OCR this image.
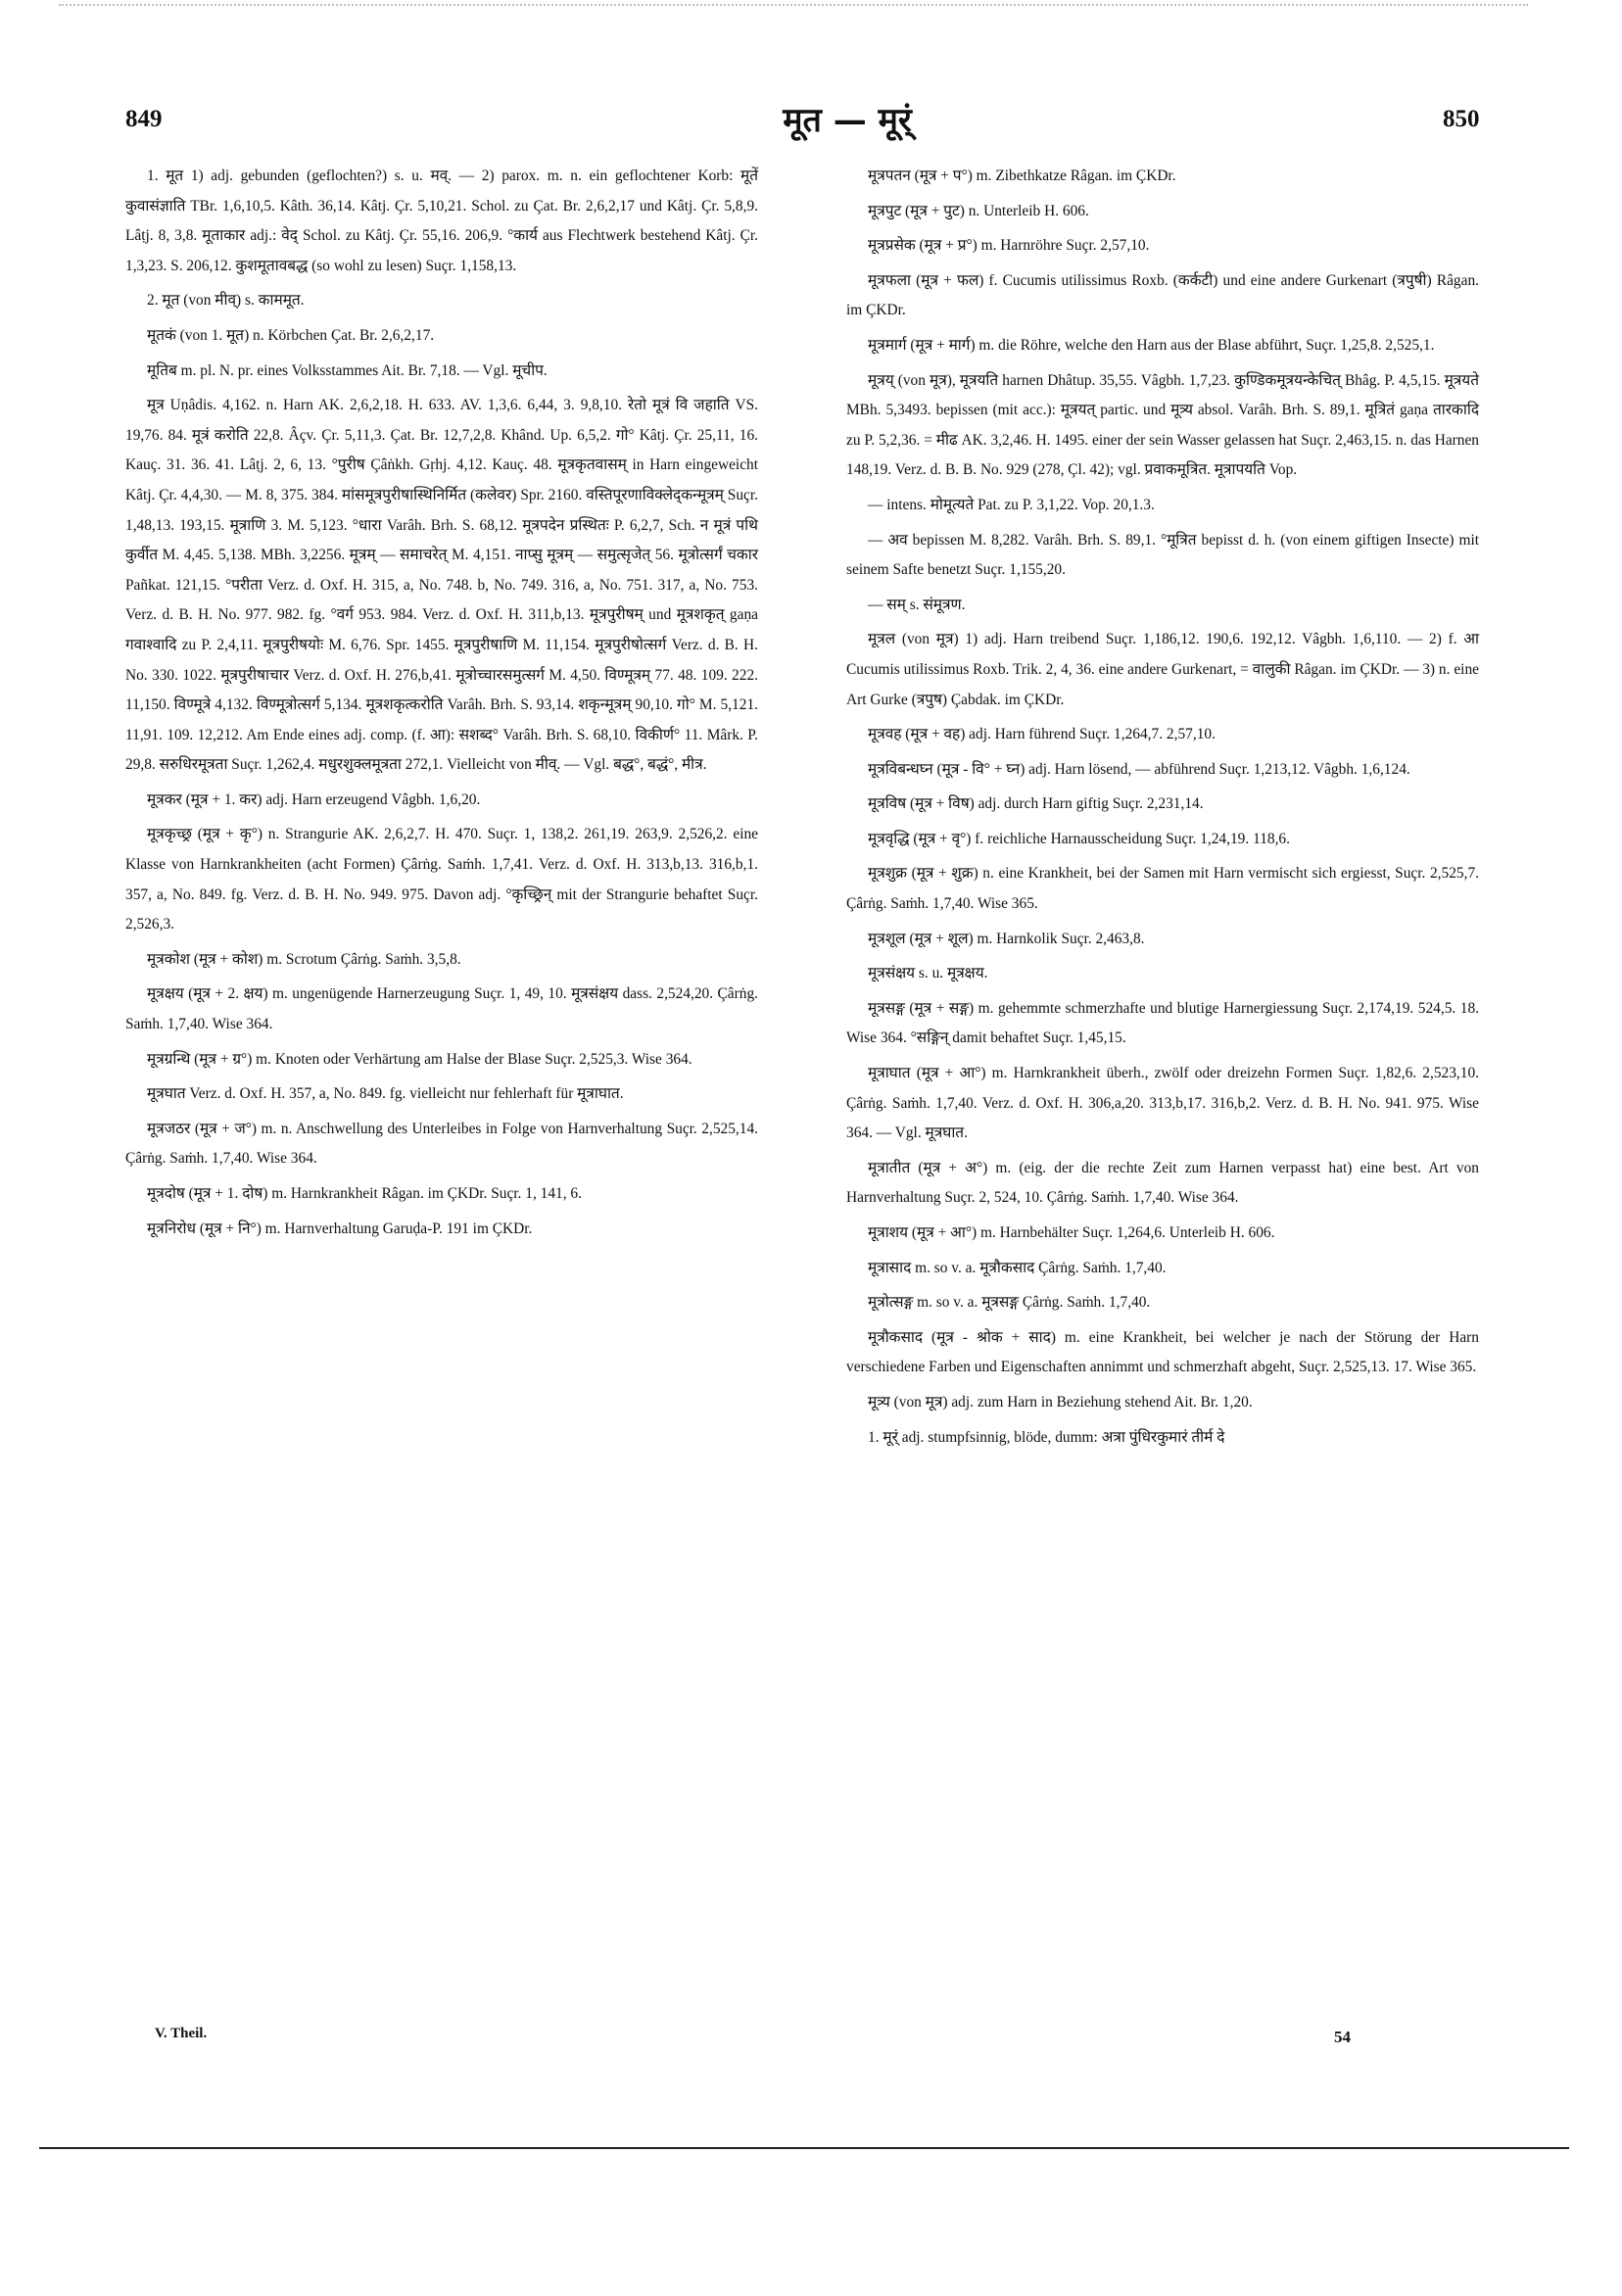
849	मूत — मूर्ं	850

1. मूत 1) adj. gebunden (geflochten?) s. u. मव्. — 2) parox. m. n. ein geflochtener Korb: मूतें कुवासंज्ञाति TBr. 1,6,10,5. Kâth. 36,14. Kâtj. Çr. 5,10,21. Schol. zu Çat. Br. 2,6,2,17 und Kâtj. Çr. 5,8,9. Lâṭj. 8, 3,8. मूताकार adj.: वेद् Schol. zu Kâtj. Çr. 55,16. 206,9. °कार्य aus Flechtwerk bestehend Kâtj. Çr. 1,3,23. S. 206,12. कुशमूतावबद्ध (so wohl zu lesen) Suçr. 1,158,13.

2. मूत (von मीव्) s. काममूत.

मूतकं (von 1. मूत) n. Körbchen Çat. Br. 2,6,2,17.

मूतिब m. pl. N. pr. eines Volksstammes Ait. Br. 7,18. — Vgl. मूचीप.

मूत्र Uṇâdis. 4,162. n. Harn AK. 2,6,2,18. H. 633. AV. 1,3,6. 6,44, 3. 9,8,10. रेतो मूत्रं वि जहाति VS. 19,76. 84. मूत्रं करोति 22,8. Âçv. Çr. 5,11,3. Çat. Br. 12,7,2,8. Khând. Up. 6,5,2. गो° Kâtj. Çr. 25,11, 16. Kauç. 31. 36. 41. Lâṭj. 2, 6, 13. °पुरीष Çâṅkh. Gṛhj. 4,12. Kauç. 48. मूत्रकृतवासम् in Harn eingeweicht Kâtj. Çr. 4,4,30. — M. 8, 375. 384. मांसमूत्रपुरीषास्थिनिर्मित (कलेवर) Spr. 2160. वस्तिपूरणाविक्लेद्कन्मूत्रम् Suçr. 1,48,13. 193,15. मूत्राणि 3. M. 5,123. °धारा Varâh. Brh. S. 68,12. मूत्रपदेन प्रस्थितः P. 6,2,7, Sch. न मूत्रं पथि कुर्वीत M. 4,45. 5,138. MBh. 3,2256. मूत्रम् — समाचरेत् M. 4,151. नाप्सु मूत्रम् — समुत्सृजेत् 56. मूत्रोत्सर्गं चकार Pañkat. 121,15. °परीता Verz. d. Oxf. H. 315, a, No. 748. b, No. 749. 316, a, No. 751. 317, a, No. 753. Verz. d. B. H. No. 977. 982. fg. °वर्ग 953. 984. Verz. d. Oxf. H. 311,b,13. मूत्रपुरीषम् und मूत्रशकृत् gaṇa गवाश्वादि zu P. 2,4,11. मूत्रपुरीषयोः M. 6,76. Spr. 1455. मूत्रपुरीषाणि M. 11,154. मूत्रपुरीषोत्सर्ग Verz. d. B. H. No. 330. 1022. मूत्रपुरीषाचार Verz. d. Oxf. H. 276,b,41. मूत्रोच्चारसमुत्सर्ग M. 4,50. विण्मूत्रम् 77. 48. 109. 222. 11,150. विण्मूत्रे 4,132. विण्मूत्रोत्सर्ग 5,134. मूत्रशकृत्करोति Varâh. Brh. S. 93,14. शकृन्मूत्रम् 90,10. गो° M. 5,121. 11,91. 109. 12,212. Am Ende eines adj. comp. (f. आ): सशब्द° Varâh. Brh. S. 68,10. विकीर्ण° 11. Mârk. P. 29,8. सरुधिरमूत्रता Suçr. 1,262,4. मधुरशुक्लमूत्रता 272,1. Vielleicht von मीव्. — Vgl. बद्ध°, बद्धं°, मीत्र.

मूत्रकर (मूत्र + 1. कर) adj. Harn erzeugend Vâgbh. 1,6,20.

मूत्रकृच्छ्र (मूत्र + कृ°) n. Strangurie AK. 2,6,2,7. H. 470. Suçr. 1, 138,2. 261,19. 263,9. 2,526,2. eine Klasse von Harnkrankheiten (acht Formen) Çârṅg. Saṁh. 1,7,41. Verz. d. Oxf. H. 313,b,13. 316,b,1. 357, a, No. 849. fg. Verz. d. B. H. No. 949. 975. Davon adj. °कृच्छ्रिन् mit der Strangurie behaftet Suçr. 2,526,3.

मूत्रकोश (मूत्र + कोश) m. Scrotum Çârṅg. Saṁh. 3,5,8.

मूत्रक्षय (मूत्र + 2. क्षय) m. ungenügende Harnerzeugung Suçr. 1, 49, 10. मूत्रसंक्षय dass. 2,524,20. Çârṅg. Saṁh. 1,7,40. Wise 364.

मूत्रग्रन्थि (मूत्र + ग्र°) m. Knoten oder Verhärtung am Halse der Blase Suçr. 2,525,3. Wise 364.

मूत्रघात Verz. d. Oxf. H. 357, a, No. 849. fg. vielleicht nur fehlerhaft für मूत्राघात.

मूत्रजठर (मूत्र + ज°) m. n. Anschwellung des Unterleibes in Folge von Harnverhaltung Suçr. 2,525,14. Çârṅg. Saṁh. 1,7,40. Wise 364.

मूत्रदोष (मूत्र + 1. दोष) m. Harnkrankheit Râgan. im ÇKDr. Suçr. 1, 141, 6.

मूत्रनिरोध (मूत्र + नि°) m. Harnverhaltung Garuḍa-P. 191 im ÇKDr.

मूत्रपतन (मूत्र + प°) m. Zibethkatze Râgan. im ÇKDr.

मूत्रपुट (मूत्र + पुट) n. Unterleib H. 606.

मूत्रप्रसेक (मूत्र + प्र°) m. Harnröhre Suçr. 2,57,10.

मूत्रफला (मूत्र + फल) f. Cucumis utilissimus Roxb. (कर्कटी) und eine andere Gurkenart (त्रपुषी) Râgan. im ÇKDr.

मूत्रमार्ग (मूत्र + मार्ग) m. die Röhre, welche den Harn aus der Blase abführt, Suçr. 1,25,8. 2,525,1.

मूत्रय् (von मूत्र), मूत्रयति harnen Dhâtup. 35,55. Vâgbh. 1,7,23. कुण्डिकमूत्रयन्केचित् Bhâg. P. 4,5,15. मूत्रयते MBh. 5,3493. bepissen (mit acc.): मूत्रयत् partic. und मूत्र्य absol. Varâh. Brh. S. 89,1. मूत्रितं gaṇa तारकादि zu P. 5,2,36. = मीढ AK. 3,2,46. H. 1495. einer der sein Wasser gelassen hat Suçr. 2,463,15. n. das Harnen 148,19. Verz. d. B. B. No. 929 (278, Çl. 42); vgl. प्रवाकमूत्रित. मूत्रापयति Vop.

— intens. मोमूत्यते Pat. zu P. 3,1,22. Vop. 20,1.3.

— अव bepissen M. 8,282. Varâh. Brh. S. 89,1. °मूत्रित bepisst d. h. (von einem giftigen Insecte) mit seinem Safte benetzt Suçr. 1,155,20.

— सम् s. संमूत्रण.

मूत्रल (von मूत्र) 1) adj. Harn treibend Suçr. 1,186,12. 190,6. 192,12. Vâgbh. 1,6,110. — 2) f. आ Cucumis utilissimus Roxb. Trik. 2, 4, 36. eine andere Gurkenart, = वालुकी Râgan. im ÇKDr. — 3) n. eine Art Gurke (त्रपुष) Çabdak. im ÇKDr.

मूत्रवह (मूत्र + वह) adj. Harn führend Suçr. 1,264,7. 2,57,10.

मूत्रविबन्धघ्न (मूत्र - वि° + घ्न) adj. Harn lösend, — abführend Suçr. 1,213,12. Vâgbh. 1,6,124.

मूत्रविष (मूत्र + विष) adj. durch Harn giftig Suçr. 2,231,14.

मूत्रवृद्धि (मूत्र + वृ°) f. reichliche Harnausscheidung Suçr. 1,24,19. 118,6.

मूत्रशुक्र (मूत्र + शुक्र) n. eine Krankheit, bei der Samen mit Harn vermischt sich ergiesst, Suçr. 2,525,7. Çârṅg. Saṁh. 1,7,40. Wise 365.

मूत्रशूल (मूत्र + शूल) m. Harnkolik Suçr. 2,463,8.

मूत्रसंक्षय s. u. मूत्रक्षय.

मूत्रसङ्ग (मूत्र + सङ्ग) m. gehemmte schmerzhafte und blutige Harnergiessung Suçr. 2,174,19. 524,5. 18. Wise 364. °सङ्गिन् damit behaftet Suçr. 1,45,15.

मूत्राघात (मूत्र + आ°) m. Harnkrankheit überh., zwölf oder dreizehn Formen Suçr. 1,82,6. 2,523,10. Çârṅg. Saṁh. 1,7,40. Verz. d. Oxf. H. 306,a,20. 313,b,17. 316,b,2. Verz. d. B. H. No. 941. 975. Wise 364. — Vgl. मूत्रघात.

मूत्रातीत (मूत्र + अ°) m. (eig. der die rechte Zeit zum Harnen verpasst hat) eine best. Art von Harnverhaltung Suçr. 2, 524, 10. Çârṅg. Saṁh. 1,7,40. Wise 364.

मूत्राशय (मूत्र + आ°) m. Harnbehälter Suçr. 1,264,6. Unterleib H. 606.

मूत्रासाद m. so v. a. मूत्रौकसाद Çârṅg. Saṁh. 1,7,40.

मूत्रोत्सङ्ग m. so v. a. मूत्रसङ्ग Çârṅg. Saṁh. 1,7,40.

मूत्रौकसाद (मूत्र - श्रोक + साद) m. eine Krankheit, bei welcher je nach der Störung der Harn verschiedene Farben und Eigenschaften annimmt und schmerzhaft abgeht, Suçr. 2,525,13. 17. Wise 365.

मूत्र्य (von मूत्र) adj. zum Harn in Beziehung stehend Ait. Br. 1,20.

1. मूर्ं adj. stumpfsinnig, blöde, dumm: अत्रा पुंधिरकुमारं तीर्म दे

V. Theil.	54
